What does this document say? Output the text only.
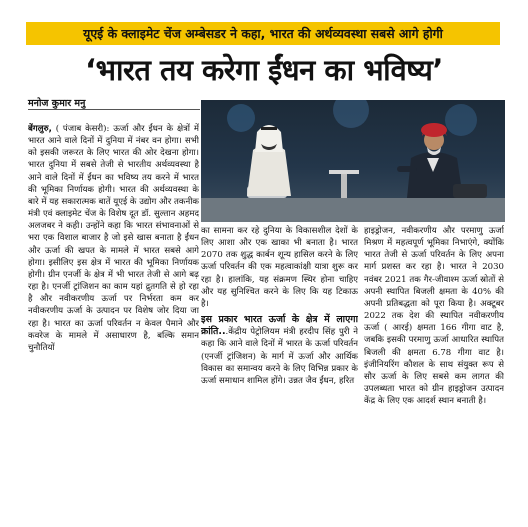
यूएई के क्लाइमेट चेंज अम्बेसडर ने कहा, भारत की अर्थव्यवस्था सबसे आगे होगी
‘भारत तय करेगा ईंधन का भविष्य’
मनोज कुमार मनु

बेंगलुरु, ( पंजाब केसरी): ऊर्जा और ईंधन के क्षेत्रों में भारत आने वाले दिनों में दुनिया में नंबर वन होगा। सभी को इसकी जरूरत के लिए भारत की ओर देखना होगा। भारत दुनिया में सबसे तेजी से भारतीय अर्थव्यवस्था है आने वाले दिनों में ईंधन का भविष्य तय करने में भारत की भूमिका निर्णायक होगी। भारत की अर्थव्यवस्था के बारे में यह सकारात्मक बातें यूएई के उद्योग और तकनीक मंत्री एवं क्लाइमेट चेंज के विशेष दूत डॉ. सुल्तान अहमद अलजबर ने कही। उन्होंने कहा कि भारत संभावनाओं से भरा एक विशाल बाजार है जो इसे खास बनाता है ईंधन और ऊर्जा की खपत के मामले में भारत सबसे आगे होगा। इसीलिए इस क्षेत्र में भारत की भूमिका निर्णायक होगी। ग्रीन एनर्जी के क्षेत्र में भी भारत तेजी से आगे बढ़ रहा है। एनर्जी ट्रांजिशन का काम यहां द्रुतगति से हो रहा है और नवीकरणीय ऊर्जा पर निर्भरता कम कर नवीकरणीय ऊर्जा के उत्पादन पर विशेष जोर दिया जा रहा है। भारत का ऊर्जा परिवर्तन न केवल पैमाने और कवरेज के मामले में असाधारण है, बल्कि समान चुनौतियों

का सामना कर रहे दुनिया के विकासशील देशों के लिए आशा और एक खाका भी बनाता है। भारत 2070 तक शुद्ध कार्बन शून्य हासिल करने के लिए ऊर्जा परिवर्तन की एक महत्वाकांक्षी यात्रा शुरू कर रहा है। हालांकि, यह संक्रमण स्थिर होना चाहिए और यह सुनिश्चित करने के लिए कि यह टिकाऊ है।

इस प्रकार भारत ऊर्जा के क्षेत्र में लाएगा क्रांति...केंद्रीय पेट्रोलियम मंत्री हरदीप सिंह पुरी ने कहा कि आने वाले दिनों में भारत के ऊर्जा परिवर्तन (एनर्जी ट्रांजिशन) के मार्ग में ऊर्जा और आर्थिक विकास का समान्वय करने के लिए विभिन्न प्रकार के ऊर्जा समाधान शामिल होंगे। उन्नत जैव ईंधन, हरित

हाइड्रोजन, नवीकरणीय और परमाणु ऊर्जा मिश्रण में महत्वपूर्ण भूमिका निभाएंगे, क्योंकि भारत तेजी से ऊर्जा परिवर्तन के लिए अपना मार्ग प्रशस्त कर रहा है। भारत ने 2030 नवंबर 2021 तक गैर-जीवाश्म ऊर्जा स्रोतों से अपनी स्थापित बिजली क्षमता के 40% की अपनी प्रतिबद्धता को पूरा किया है। अक्टूबर 2022 तक देश की स्थापित नवीकरणीय ऊर्जा ( आरई) क्षमता 166 गीगा वाट है, जबकि इसकी परमाणु ऊर्जा आधारित स्थापित बिजली की क्षमता 6.78 गीगा वाट है। इंजीनियरिंग कौशल के साथ संयुक्त रूप से सौर ऊर्जा के लिए सबसे कम लागत की उपलब्धता भारत को ग्रीन हाइड्रोजन उत्पादन केंद्र के लिए एक आदर्श स्थान बनाती है।
